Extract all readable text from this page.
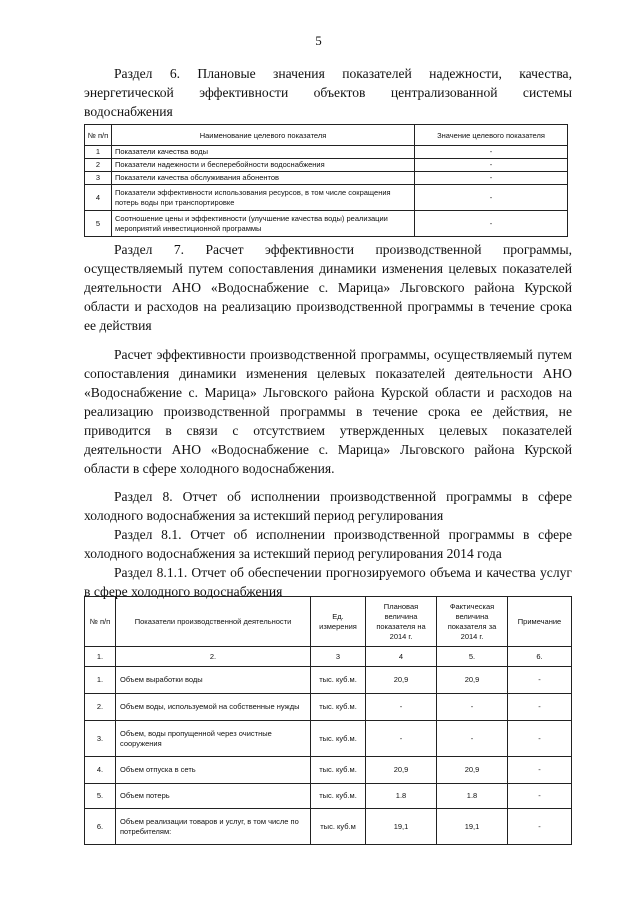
5
Раздел 6. Плановые значения показателей надежности, качества, энергетической эффективности объектов централизованной системы водоснабжения
№ п/п	Наименование целевого показателя	Значение целевого показателя
1	Показатели качества воды	-
2	Показатели надежности и бесперебойности водоснабжения	-
3	Показатели качества обслуживания абонентов	-
4	Показатели эффективности использования ресурсов, в том числе сокращения потерь воды при транспортировке	-
5	Соотношение цены и эффективности (улучшение качества воды) реализации мероприятий инвестиционной программы	-
Раздел 7. Расчет эффективности производственной программы, осуществляемый путем сопоставления динамики изменения целевых показателей деятельности АНО «Водоснабжение с. Марица» Льговского района Курской области и расходов на реализацию производственной программы в течение срока ее действия
Расчет эффективности производственной программы, осуществляемый путем сопоставления динамики изменения целевых показателей деятельности АНО «Водоснабжение с. Марица» Льговского района Курской области и расходов на реализацию производственной программы в течение срока ее действия, не приводится в связи с отсутствием утвержденных целевых показателей деятельности АНО «Водоснабжение с. Марица» Льговского района Курской области в сфере холодного водоснабжения.
Раздел 8. Отчет об исполнении производственной программы в сфере холодного водоснабжения за истекший период регулирования
Раздел 8.1. Отчет об исполнении производственной программы в сфере холодного водоснабжения за истекший период регулирования 2014 года
Раздел 8.1.1. Отчет об обеспечении прогнозируемого объема и качества услуг в сфере холодного водоснабжения
№ п/п	Показатели производственной деятельности	Ед. измерения	Плановая величина показателя на 2014 г.	Фактическая величина показателя за 2014 г.	Примечание
1.	2.	3	4	5.	6.
1.	Объем выработки воды	тыс. куб.м.	20,9	20,9	-
2.	Объем воды, используемой на собственные нужды	тыс. куб.м.	-	-	-
3.	Объем, воды пропущенной через очистные сооружения	тыс. куб.м.	-	-	-
4.	Объем отпуска в сеть	тыс. куб.м.	20,9	20,9	-
5.	Объем потерь	тыс. куб.м.	1.8	1.8	-
6.	Объем реализации товаров и услуг, в том числе по потребителям:	тыс. куб.м	19,1	19,1	-
